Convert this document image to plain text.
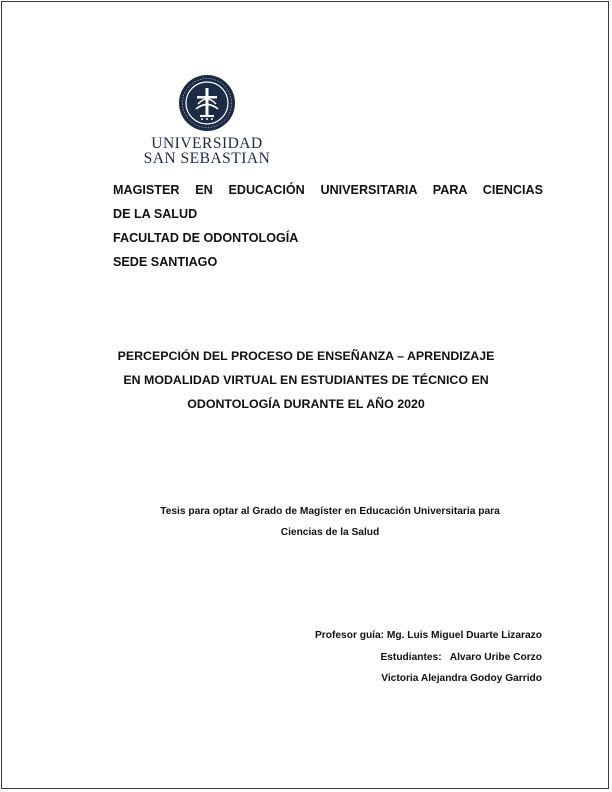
UNIVERSIDAD
SAN SEBASTIAN
MAGISTER EN EDUCACIÓN UNIVERSITARIA PARA CIENCIAS
DE LA SALUD
FACULTAD DE ODONTOLOGÍA
SEDE SANTIAGO
PERCEPCIÓN DEL PROCESO DE ENSEÑANZA – APRENDIZAJE
EN MODALIDAD VIRTUAL EN ESTUDIANTES DE TÉCNICO EN
ODONTOLOGÍA DURANTE EL AÑO 2020
Tesis para optar al Grado de Magíster en Educación Universitaria para
Ciencias de la Salud
Profesor guía: Mg. Luis Miguel Duarte Lizarazo
Estudiantes:   Alvaro Uribe Corzo
Victoria Alejandra Godoy Garrido
